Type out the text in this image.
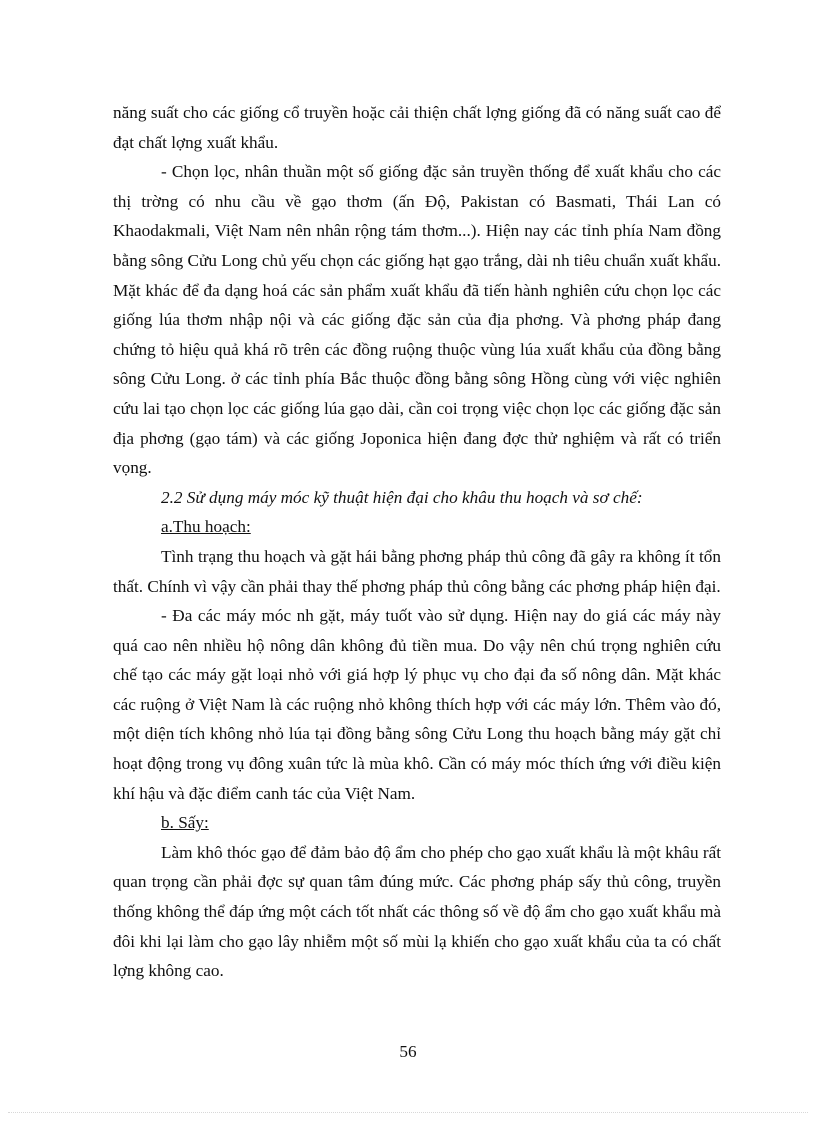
năng suất cho các giống cổ truyền hoặc cải thiện chất lợng giống đã có năng suất cao để đạt chất lợng xuất khẩu.

- Chọn lọc, nhân thuần một số giống đặc sản truyền thống để xuất khẩu cho các thị trờng có nhu cầu về gạo thơm (ấn Độ, Pakistan có Basmati, Thái Lan có Khaodakmali, Việt Nam nên nhân rộng tám thơm...). Hiện nay các tỉnh phía Nam đồng bằng sông Cửu Long chủ yếu chọn các giống hạt gạo trắng, dài nh tiêu chuẩn xuất khẩu. Mặt khác để đa dạng hoá các sản phẩm xuất khẩu đã tiến hành nghiên cứu chọn lọc các giống lúa thơm nhập nội và các giống đặc sản của địa phơng. Và phơng pháp đang chứng tỏ hiệu quả khá rõ trên các đồng ruộng thuộc vùng lúa xuất khẩu của đồng bằng sông Cửu Long. ở các tỉnh phía Bắc thuộc đồng bằng sông Hồng cùng với việc nghiên cứu lai tạo chọn lọc các giống lúa gạo dài, cần coi trọng việc chọn lọc các giống đặc sản địa phơng (gạo tám) và các giống Joponica hiện đang đợc thử nghiệm và rất có triển vọng.

2.2 Sử dụng máy móc kỹ thuật hiện đại cho khâu thu hoạch và sơ chế:

a.Thu hoạch:

Tình trạng thu hoạch và gặt hái bằng phơng pháp thủ công đã gây ra không ít tổn thất. Chính vì vậy cần phải thay thế phơng pháp thủ công bằng các phơng pháp hiện đại.

- Đa các máy móc nh gặt, máy tuốt vào sử dụng. Hiện nay do giá các máy này quá cao nên nhiều hộ nông dân không đủ tiền mua. Do vậy nên chú trọng nghiên cứu chế tạo các máy gặt loại nhỏ với giá hợp lý phục vụ cho đại đa số nông dân. Mặt khác các ruộng ở Việt Nam là các ruộng nhỏ không thích hợp với các máy lớn. Thêm vào đó, một diện tích không nhỏ lúa tại đồng bằng sông Cửu Long thu hoạch bằng máy gặt chỉ hoạt động trong vụ đông xuân tức là mùa khô. Cần có máy móc thích ứng với điều kiện khí hậu và đặc điểm canh tác của Việt Nam.

b. Sấy:

Làm khô thóc gạo để đảm bảo độ ẩm cho phép cho gạo xuất khẩu là một khâu rất quan trọng cần phải đợc sự quan tâm đúng mức. Các phơng pháp sấy thủ công, truyền thống không thể đáp ứng một cách tốt nhất các thông số về độ ẩm cho gạo xuất khẩu mà đôi khi lại làm cho gạo lây nhiễm một số mùi lạ khiến cho gạo xuất khẩu của ta có chất lợng không cao.

56
